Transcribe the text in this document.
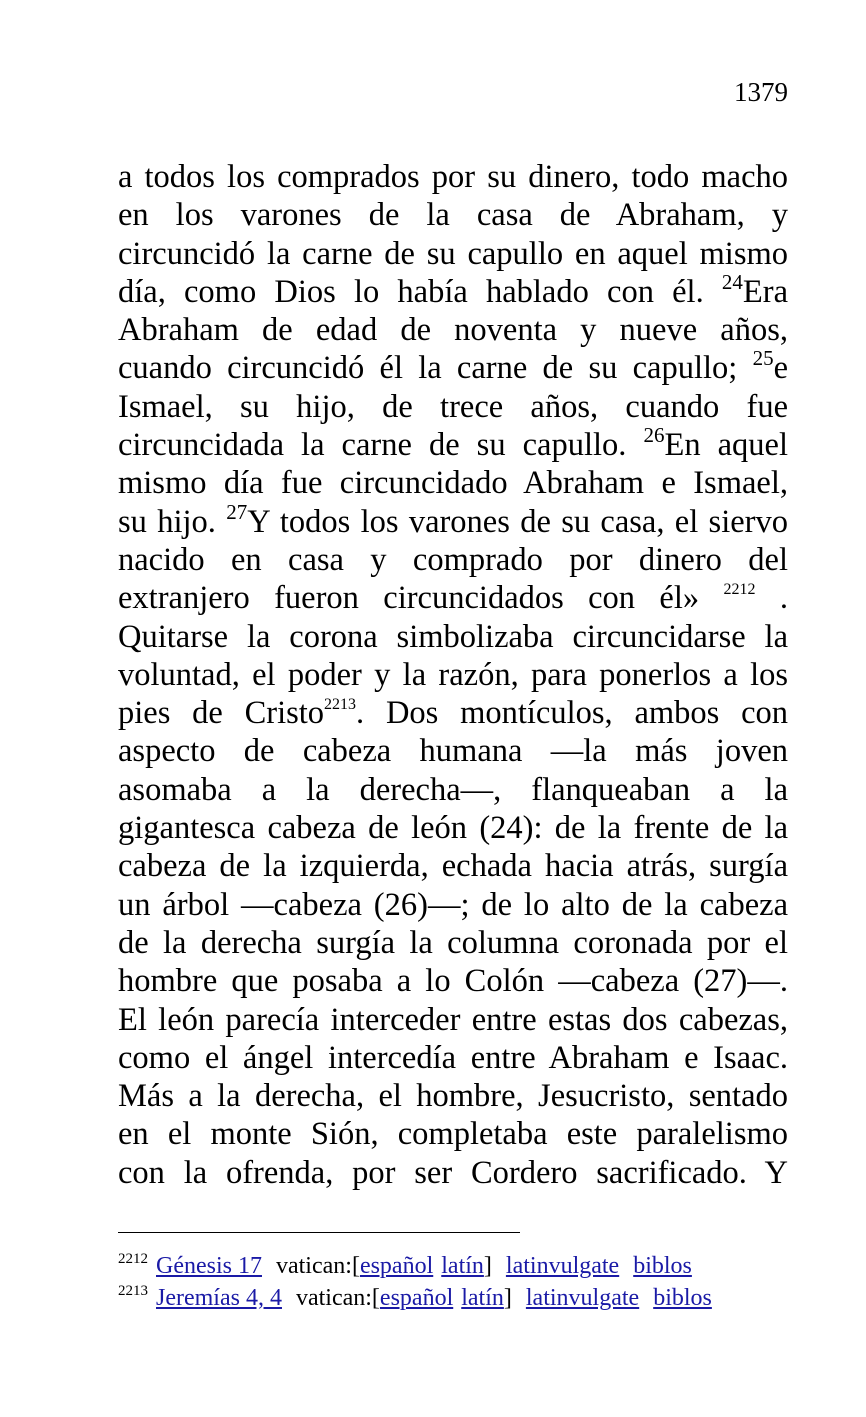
1379
a todos los comprados por su dinero, todo macho
en los varones de la casa de Abraham, y
circuncidó la carne de su capullo en aquel mismo
día, como Dios lo había hablado con él. $^{24}$Era
Abraham de edad de noventa y nueve años,
cuando circuncidó él la carne de su capullo; $^{25}$e
Ismael, su hijo, de trece años, cuando fue
circuncidada la carne de su capullo. $^{26}$En aquel
mismo día fue circuncidado Abraham e Ismael,
su hijo. $^{27}$Y todos los varones de su casa, el siervo
nacido en casa y comprado por dinero del
extranjero fueron circuncidados con él» $^{2212}$ .
Quitarse la corona simbolizaba circuncidarse la
voluntad, el poder y la razón, para ponerlos a los
pies de Cristo$^{2213}$. Dos montículos, ambos con
aspecto de cabeza humana —la más joven
asomaba a la derecha—, flanqueaban a la
gigantesca cabeza de león (24): de la frente de la
cabeza de la izquierda, echada hacia atrás, surgía
un árbol —cabeza (26)—; de lo alto de la cabeza
de la derecha surgía la columna coronada por el
hombre que posaba a lo Colón —cabeza (27)—.
El león parecía interceder entre estas dos cabezas,
como el ángel intercedía entre Abraham e Isaac.
Más a la derecha, el hombre, Jesucristo, sentado
en el monte Sión, completaba este paralelismo
con la ofrenda, por ser Cordero sacrificado. Y
$^{2212}$ Génesis 17 vatican:[español latín] latinvulgate biblos
$^{2213}$ Jeremías 4, 4 vatican:[español latín] latinvulgate biblos
